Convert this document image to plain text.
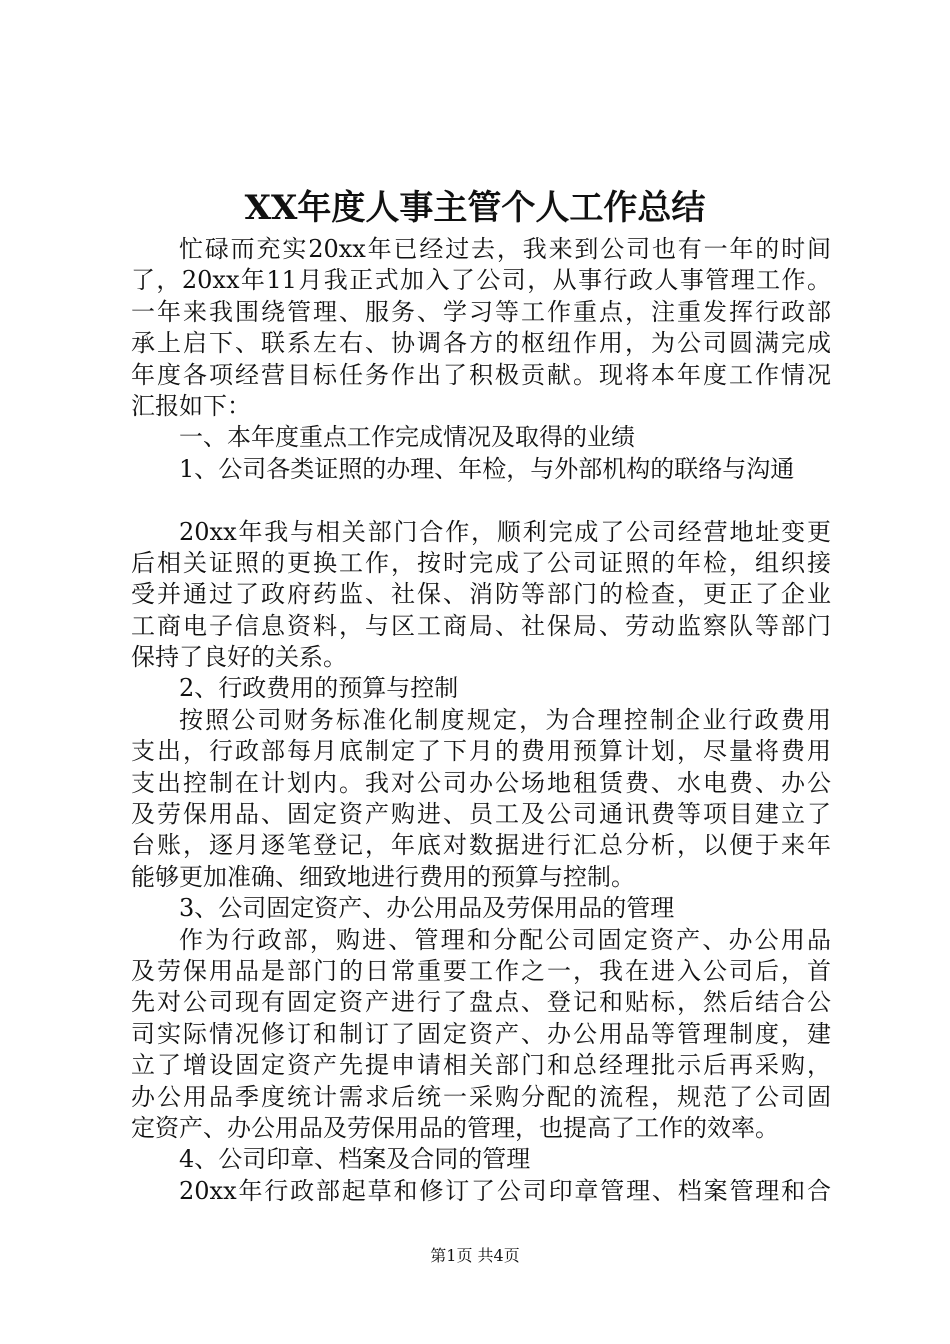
XX年度人事主管个人工作总结
忙碌而充实20xx年已经过去，我来到公司也有一年的时间
了，20xx年11月我正式加入了公司，从事行政人事管理工作。
一年来我围绕管理、服务、学习等工作重点，注重发挥行政部
承上启下、联系左右、协调各方的枢纽作用，为公司圆满完成
年度各项经营目标任务作出了积极贡献。现将本年度工作情况
汇报如下：
一、本年度重点工作完成情况及取得的业绩
1、公司各类证照的办理、年检，与外部机构的联络与沟通
20xx年我与相关部门合作，顺利完成了公司经营地址变更
后相关证照的更换工作，按时完成了公司证照的年检，组织接
受并通过了政府药监、社保、消防等部门的检查，更正了企业
工商电子信息资料，与区工商局、社保局、劳动监察队等部门
保持了良好的关系。
2、行政费用的预算与控制
按照公司财务标准化制度规定，为合理控制企业行政费用
支出，行政部每月底制定了下月的费用预算计划，尽量将费用
支出控制在计划内。我对公司办公场地租赁费、水电费、办公
及劳保用品、固定资产购进、员工及公司通讯费等项目建立了
台账，逐月逐笔登记，年底对数据进行汇总分析，以便于来年
能够更加准确、细致地进行费用的预算与控制。
3、公司固定资产、办公用品及劳保用品的管理
作为行政部，购进、管理和分配公司固定资产、办公用品
及劳保用品是部门的日常重要工作之一，我在进入公司后，首
先对公司现有固定资产进行了盘点、登记和贴标，然后结合公
司实际情况修订和制订了固定资产、办公用品等管理制度，建
立了增设固定资产先提申请相关部门和总经理批示后再采购，
办公用品季度统计需求后统一采购分配的流程，规范了公司固
定资产、办公用品及劳保用品的管理，也提高了工作的效率。
4、公司印章、档案及合同的管理
20xx年行政部起草和修订了公司印章管理、档案管理和合
第1页 共4页
